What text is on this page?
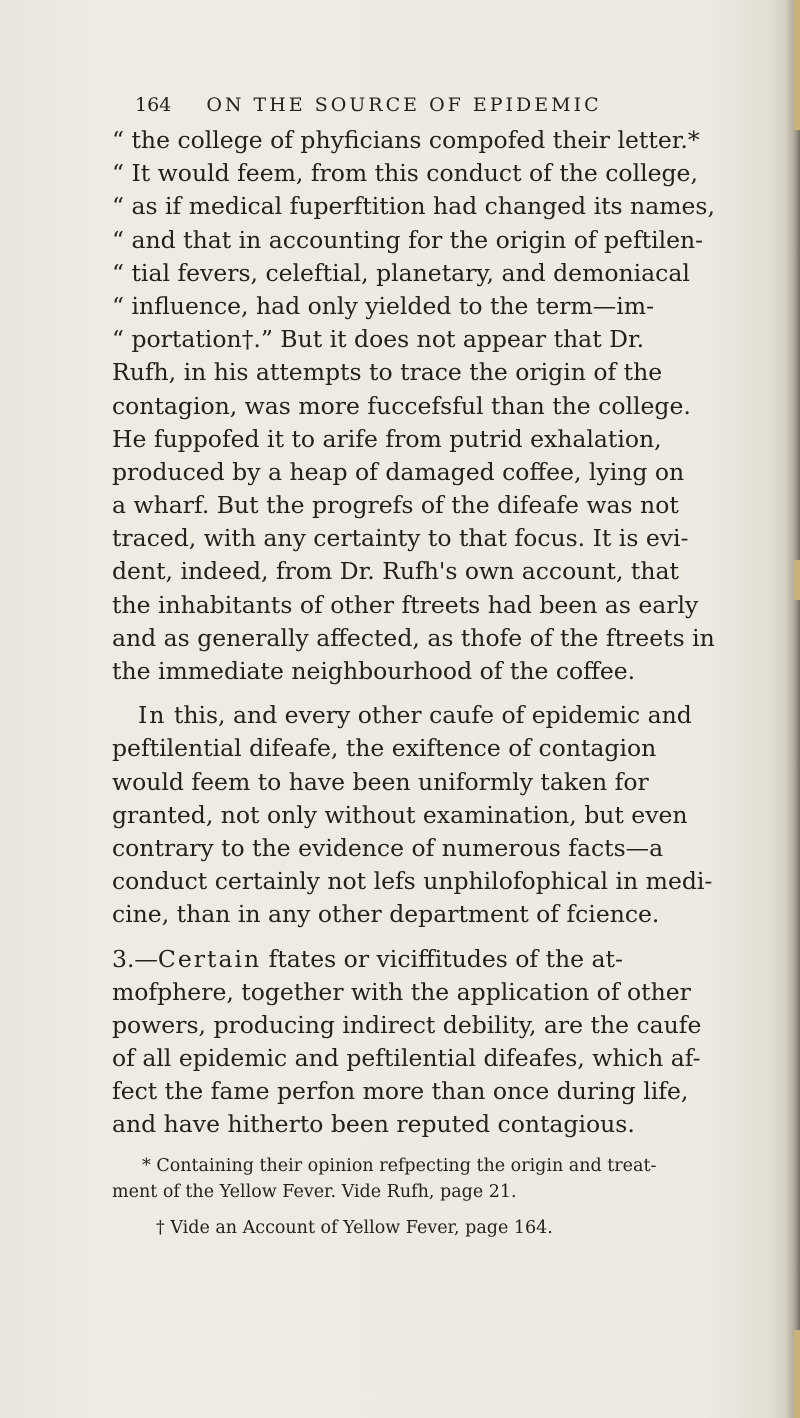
164 ON THE SOURCE OF EPIDEMIC
“ the college of phyficians compofed their letter.*
“ It would feem, from this conduct of the college,
“ as if medical fuperftition had changed its names,
“ and that in accounting for the origin of peftilen-
“ tial fevers, celeftial, planetary, and demoniacal
“ influence, had only yielded to the term—im-
“ portation†.” But it does not appear that Dr.
Rufh, in his attempts to trace the origin of the
contagion, was more fuccefsful than the college.
He fuppofed it to arife from putrid exhalation,
produced by a heap of damaged coffee, lying on
a wharf. But the progrefs of the difeafe was not
traced, with any certainty to that focus. It is evi-
dent, indeed, from Dr. Rufh's own account, that
the inhabitants of other ftreets had been as early
and as generally affected, as thofe of the ftreets in
the immediate neighbourhood of the coffee.
In this, and every other caufe of epidemic and
peftilential difeafe, the exiftence of contagion
would feem to have been uniformly taken for
granted, not only without examination, but even
contrary to the evidence of numerous facts—a
conduct certainly not lefs unphilofophical in medi-
cine, than in any other department of fcience.
3.—Certain ftates or viciffitudes of the at-
mofphere, together with the application of other
powers, producing indirect debility, are the caufe
of all epidemic and peftilential difeafes, which af-
fect the fame perfon more than once during life,
and have hitherto been reputed contagious.
* Containing their opinion refpecting the origin and treat-
ment of the Yellow Fever. Vide Rufh, page 21.
† Vide an Account of Yellow Fever, page 164.
